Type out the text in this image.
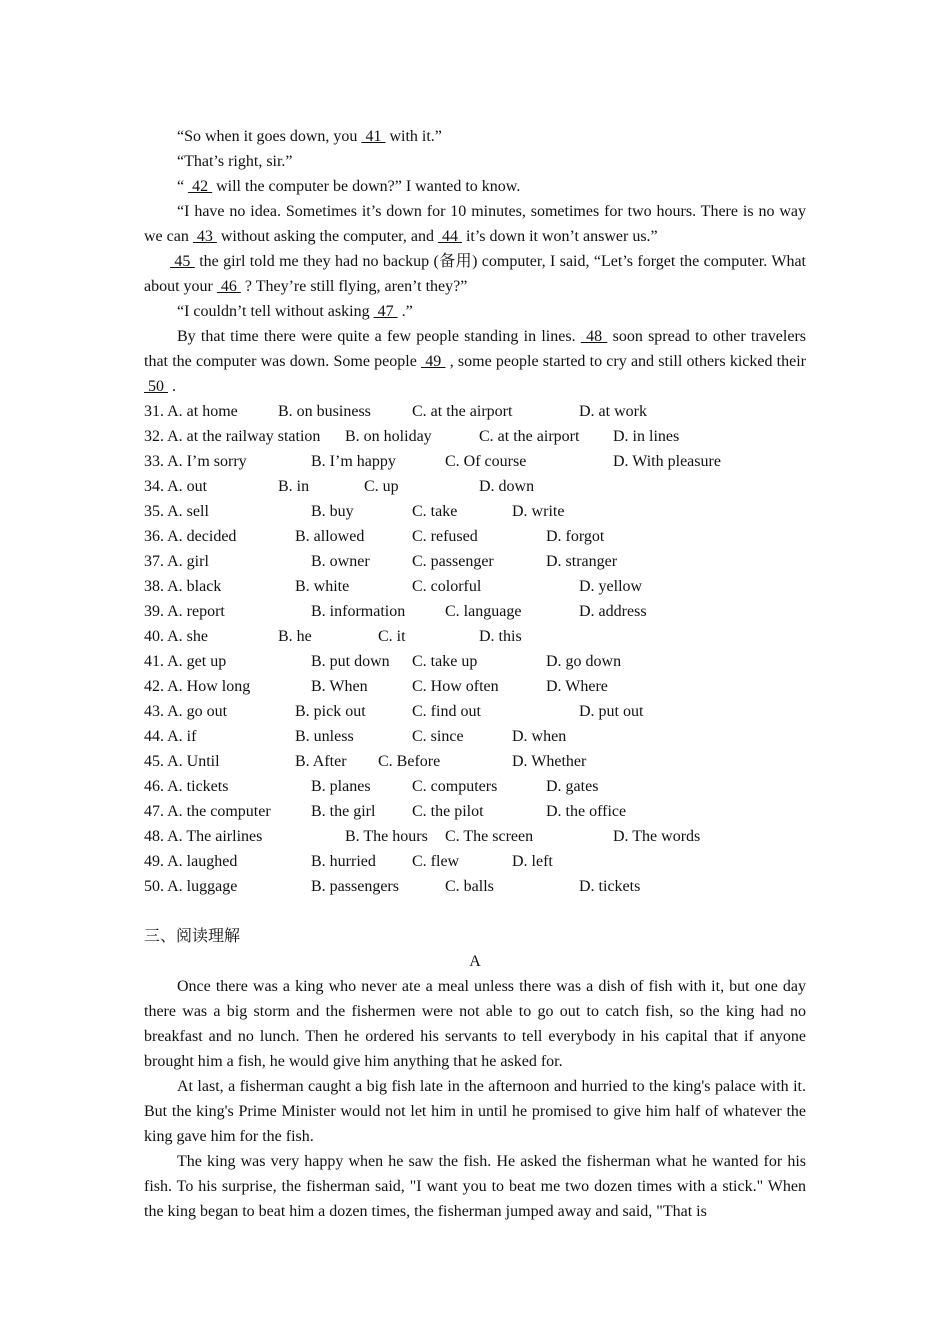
“So when it goes down, you  41  with it.”

“That’s right, sir.”

“  42  will the computer be down?” I wanted to know.

“I have no idea. Sometimes it’s down for 10 minutes, sometimes for two hours. There is no way we can  43  without asking the computer, and  44  it’s down it won’t answer us.”

45  the girl told me they had no backup (备用) computer, I said, “Let’s forget the computer. What about your  46  ? They’re still flying, aren’t they?”

“I couldn’t tell without asking  47  .”

By that time there were quite a few people standing in lines.  48  soon spread to other travelers that the computer was down. Some people  49  , some people started to cry and still others kicked their  50  .

31. A. at home	B. on business	C. at the airport	D. at work
32. A. at the railway station B. on holiday	C. at the airport D. in lines
33. A. I’m sorry	B. I’m happy	C. Of course	D. With pleasure
34. A. out	B. in	C. up	D. down
35. A. sell	B. buy	C. take	D. write
36. A. decided	B. allowed	C. refused	D. forgot
37. A. girl	B. owner	C. passenger	D. stranger
38. A. black	B. white	C. colorful	D. yellow
39. A. report	B. information C. language	D. address
40. A. she	B. he	C. it	D. this
41. A. get up	B. put down C. take up	D. go down
42. A. How long	B. When	C. How often	D. Where
43. A. go out	B. pick out	C. find out	D. put out
44. A. if	B. unless	C. since	D. when
45. A. Until	B. After C. Before	D. Whether
46. A. tickets	B. planes	C. computers	D. gates
47. A. the computer	B. the girl C. the pilot	D. the office
48. A. The airlines	B. The hours C. The screen	D. The words
49. A. laughed	B. hurried C. flew	D. left
50. A. luggage	B. passengers	C. balls	D. tickets

三、阅读理解

A

Once there was a king who never ate a meal unless there was a dish of fish with it, but one day there was a big storm and the fishermen were not able to go out to catch fish, so the king had no breakfast and no lunch. Then he ordered his servants to tell everybody in his capital that if anyone brought him a fish, he would give him anything that he asked for.

At last, a fisherman caught a big fish late in the afternoon and hurried to the king's palace with it. But the king's Prime Minister would not let him in until he promised to give him half of whatever the king gave him for the fish.

The king was very happy when he saw the fish. He asked the fisherman what he wanted for his fish. To his surprise, the fisherman said, "I want you to beat me two dozen times with a stick." When the king began to beat him a dozen times, the fisherman jumped away and said, "That is
